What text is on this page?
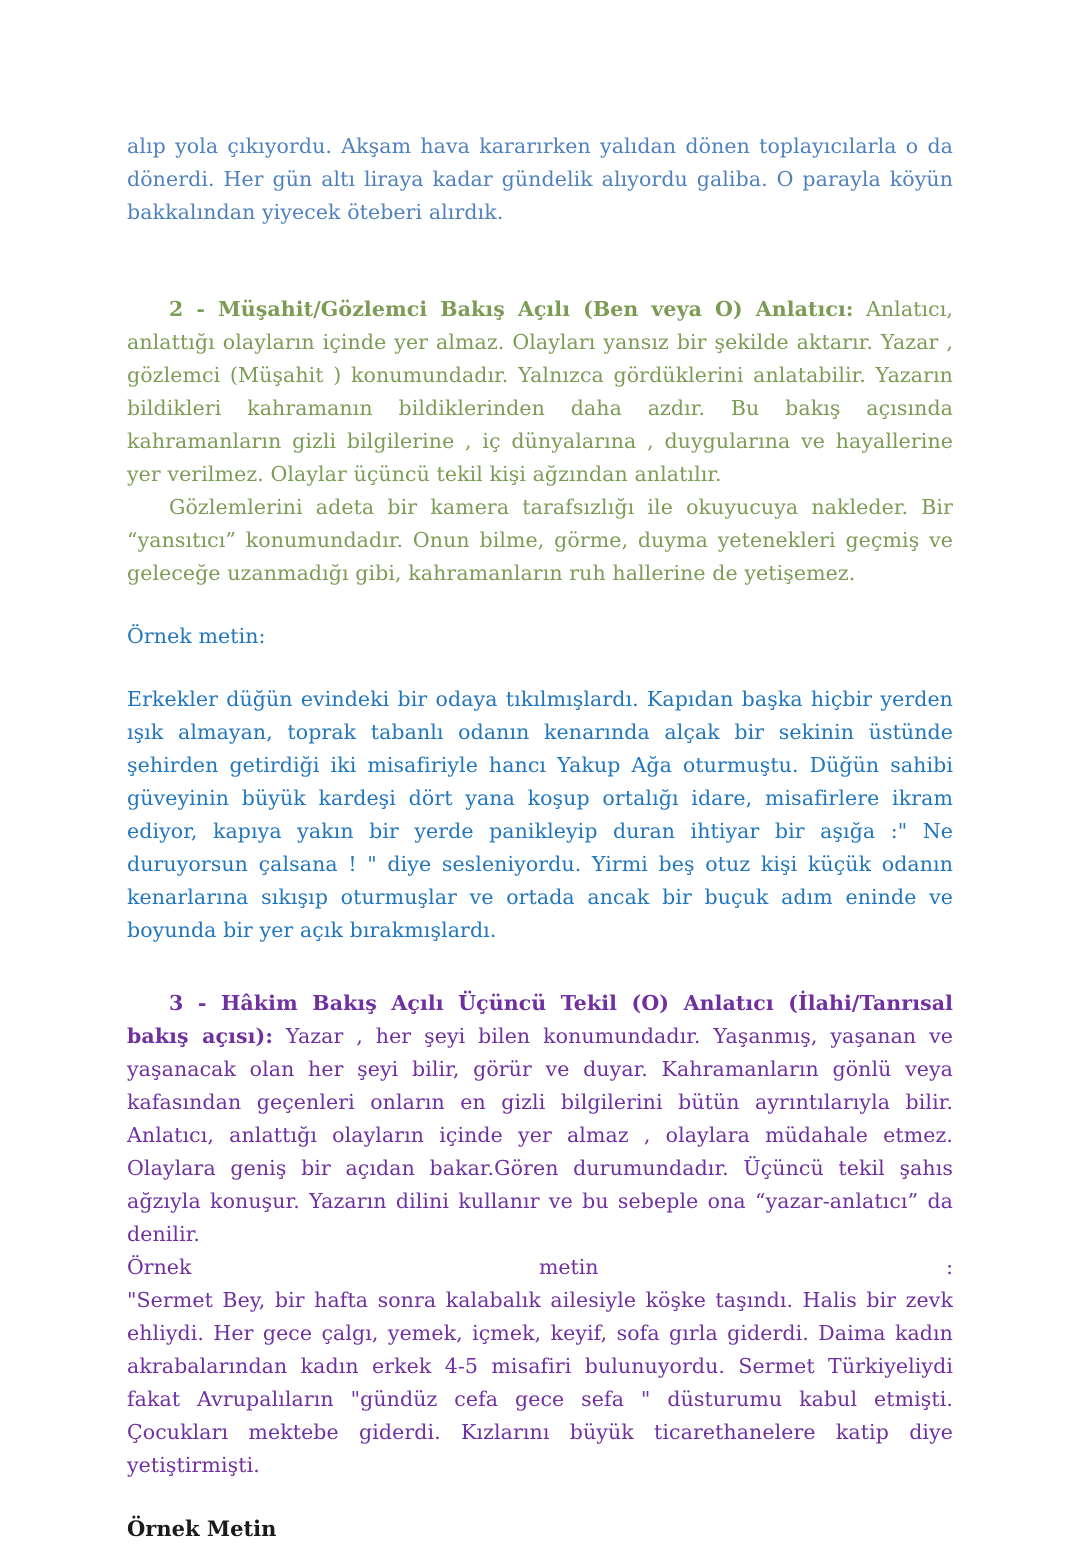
alıp yola çıkıyordu. Akşam hava kararırken yalıdan dönen toplayıcılarla o da dönerdi. Her gün altı liraya kadar gündelik alıyordu galiba. O parayla köyün bakkalından yiyecek öteberi alırdık.

2 - Müşahit/Gözlemci Bakış Açılı (Ben veya O) Anlatıcı: Anlatıcı, anlattığı olayların içinde yer almaz. Olayları yansız bir şekilde aktarır. Yazar , gözlemci (Müşahit ) konumundadır. Yalnızca gördüklerini anlatabilir. Yazarın bildikleri kahramanın bildiklerinden daha azdır. Bu bakış açısında kahramanların gizli bilgilerine , iç dünyalarına , duygularına ve hayallerine yer verilmez. Olaylar üçüncü tekil kişi ağzından anlatılır.

Gözlemlerini adeta bir kamera tarafsızlığı ile okuyucuya nakleder. Bir “yansıtıcı” konumundadır. Onun bilme, görme, duyma yetenekleri geçmiş ve geleceğe uzanmadığı gibi, kahramanların ruh hallerine de yetişemez.

Örnek metin:

Erkekler düğün evindeki bir odaya tıkılmışlardı. Kapıdan başka hiçbir yerden ışık almayan, toprak tabanlı odanın kenarında alçak bir sekinin üstünde şehirden getirdiği iki misafiriyle hancı Yakup Ağa oturmuştu. Düğün sahibi güveyinin büyük kardeşi dört yana koşup ortalığı idare, misafirlere ikram ediyor, kapıya yakın bir yerde panikleyip duran ihtiyar bir aşığa :" Ne duruyorsun çalsana ! " diye sesleniyordu. Yirmi beş otuz kişi küçük odanın kenarlarına sıkışıp oturmuşlar ve ortada ancak bir buçuk adım eninde ve boyunda bir yer açık bırakmışlardı.

3 - Hâkim Bakış Açılı Üçüncü Tekil (O) Anlatıcı (İlahi/Tanrısal bakış açısı): Yazar , her şeyi bilen konumundadır. Yaşanmış, yaşanan ve yaşanacak olan her şeyi bilir, görür ve duyar. Kahramanların gönlü veya kafasından geçenleri onların en gizli bilgilerini bütün ayrıntılarıyla bilir. Anlatıcı, anlattığı olayların içinde yer almaz , olaylara müdahale etmez. Olaylara geniş bir açıdan bakar.Gören durumundadır. Üçüncü tekil şahıs ağzıyla konuşur. Yazarın dilini kullanır ve bu sebeple ona “yazar-anlatıcı” da denilir.

Örnek	metin	:

"Sermet Bey, bir hafta sonra kalabalık ailesiyle köşke taşındı. Halis bir zevk ehliydi. Her gece çalgı, yemek, içmek, keyif, sofa gırla giderdi. Daima kadın akrabalarından kadın erkek 4-5 misafiri bulunuyordu. Sermet Türkiyeliydi fakat Avrupalıların "gündüz cefa gece sefa " düsturumu kabul etmişti. Çocukları mektebe giderdi. Kızlarını büyük ticarethanelere katip diye yetiştirmişti.

Örnek Metin
